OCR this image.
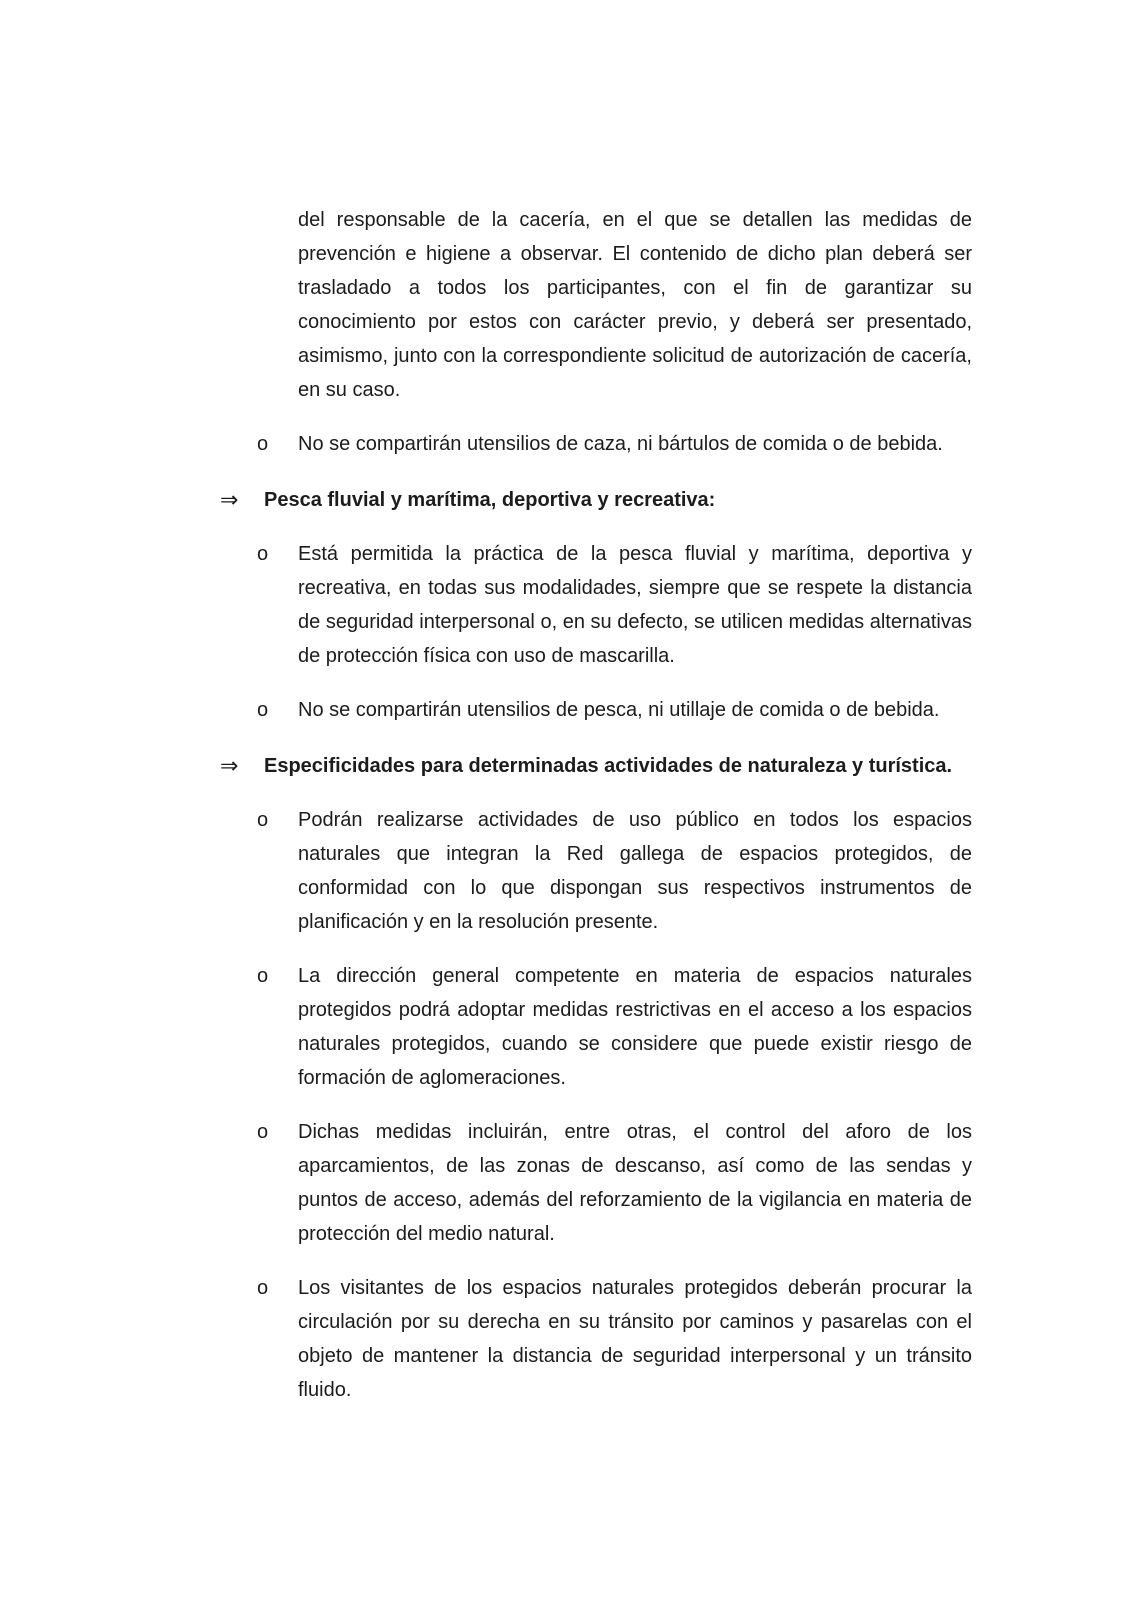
del responsable de la cacería, en el que se detallen las medidas de prevención e higiene a observar. El contenido de dicho plan deberá ser trasladado a todos los participantes, con el fin de garantizar su conocimiento por estos con carácter previo, y deberá ser presentado, asimismo, junto con la correspondiente solicitud de autorización de cacería, en su caso.

o No se compartirán utensilios de caza, ni bártulos de comida o de bebida.

⇒ Pesca fluvial y marítima, deportiva y recreativa:

o Está permitida la práctica de la pesca fluvial y marítima, deportiva y recreativa, en todas sus modalidades, siempre que se respete la distancia de seguridad interpersonal o, en su defecto, se utilicen medidas alternativas de protección física con uso de mascarilla.

o No se compartirán utensilios de pesca, ni utillaje de comida o de bebida.

⇒ Especificidades para determinadas actividades de naturaleza y turística.

o Podrán realizarse actividades de uso público en todos los espacios naturales que integran la Red gallega de espacios protegidos, de conformidad con lo que dispongan sus respectivos instrumentos de planificación y en la resolución presente.

o La dirección general competente en materia de espacios naturales protegidos podrá adoptar medidas restrictivas en el acceso a los espacios naturales protegidos, cuando se considere que puede existir riesgo de formación de aglomeraciones.

o Dichas medidas incluirán, entre otras, el control del aforo de los aparcamientos, de las zonas de descanso, así como de las sendas y puntos de acceso, además del reforzamiento de la vigilancia en materia de protección del medio natural.

o Los visitantes de los espacios naturales protegidos deberán procurar la circulación por su derecha en su tránsito por caminos y pasarelas con el objeto de mantener la distancia de seguridad interpersonal y un tránsito fluido.
